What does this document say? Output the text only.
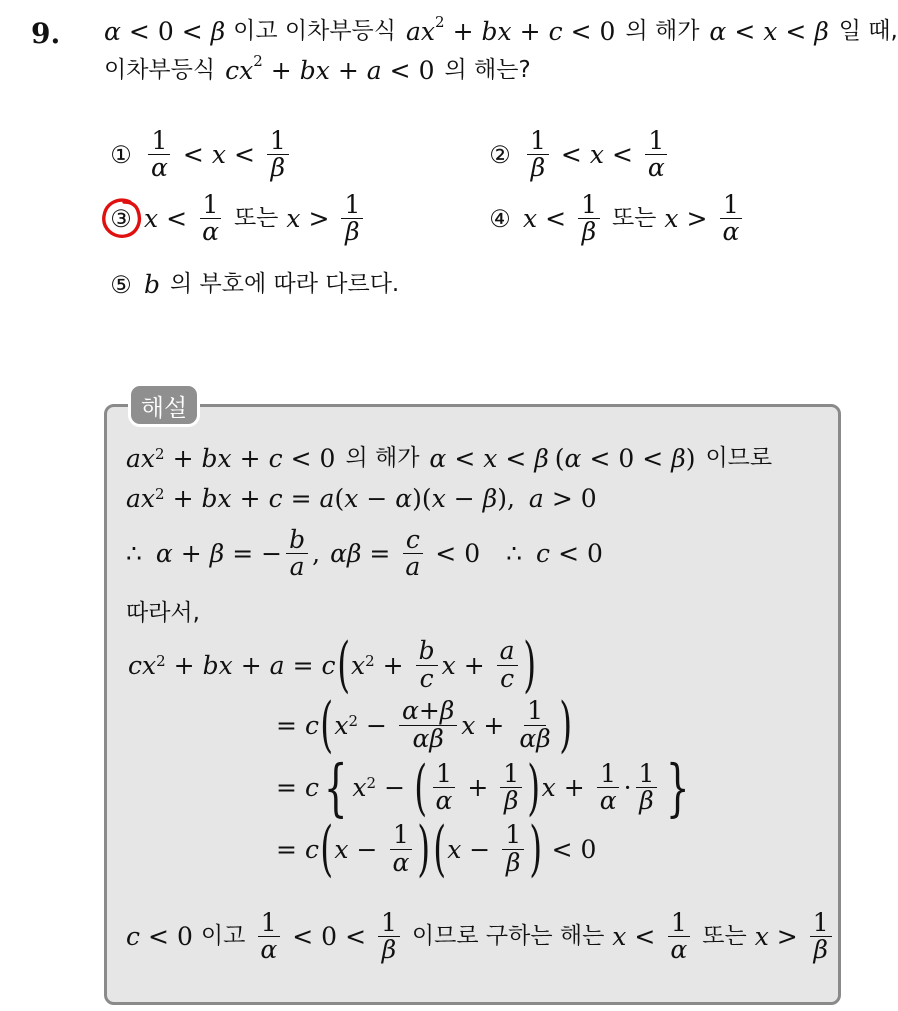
9. α < 0 < β 이고 이차부등식 $ax^2$ + bx + c < 0 의 해가 α < x < β 일 때,
이차부등식 $cx^2$ + bx + a < 0 의 해는?
① $\frac{1}{\alpha} < x < \frac{1}{\beta}$	② $\frac{1}{\beta} < x < \frac{1}{\alpha}$
③ $x < \frac{1}{\alpha}$ 또는 $x > \frac{1}{\beta}$	④ $x < \frac{1}{\beta}$ 또는 $x > \frac{1}{\alpha}$
⑤ b 의 부호에 따라 다르다.
해설
$ax^2$ + bx + c < 0 의 해가 α < x < β (α < 0 < β) 이므로
$ax^2$ + bx + c = a ( x − α )( x − β ), a > 0
∴ α + β = − $\frac{b}{a}$ , $\alpha\beta = \frac{c}{a} < 0$ ∴ c < 0
따라서,
$cx^2$ + bx + a = c ( $x^2 + \frac{b}{c}$ $x + \frac{a}{c}$ )
= c ( $x^2 - \frac{\alpha+\beta}{\alpha\beta}$ $x + \frac{1}{\alpha\beta}$ )
= c { $x^2$ − ( $\frac{1}{\alpha} + \frac{1}{\beta}$ ) $x + \frac{1}{\alpha} \cdot \frac{1}{\beta}$ }
= c ( $x - \frac{1}{\alpha}$ ) ( $x - \frac{1}{\beta}$ ) < 0
c < 0 이고 $\frac{1}{\alpha} < 0 < \frac{1}{\beta}$ 이므로 구하는 해는 $x < \frac{1}{\alpha}$ 또는 $x > \frac{1}{\beta}$
